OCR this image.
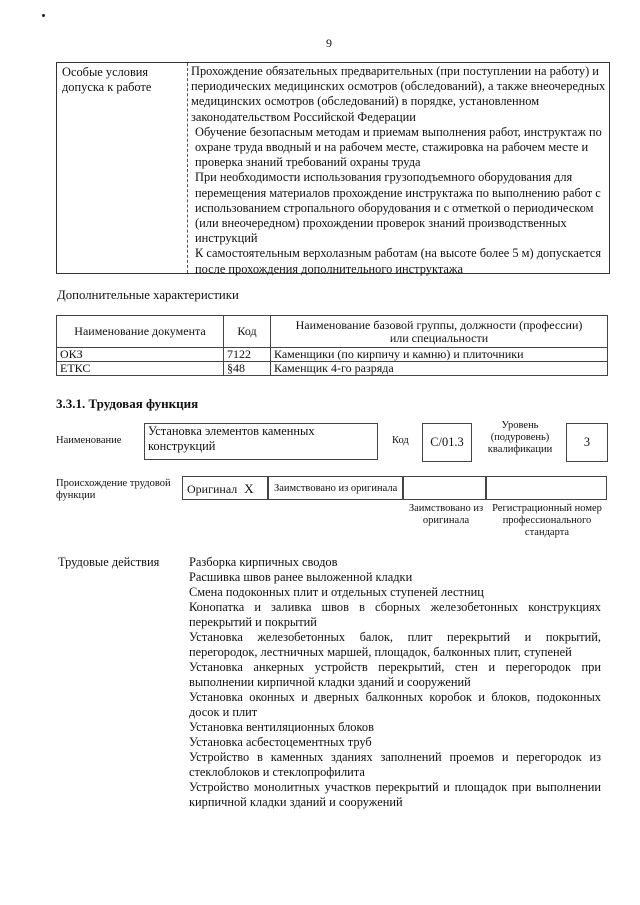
9
Особые условия допуска к работе
Прохождение обязательных предварительных (при поступлении на работу) и периодических медицинских осмотров (обследований), а также внеочередных медицинских осмотров (обследований) в порядке, установленном законодательством Российской Федерации
Обучение безопасным методам и приемам выполнения работ, инструктаж по охране труда вводный и на рабочем месте, стажировка на рабочем месте и проверка знаний требований охраны труда
При необходимости использования грузоподъемного оборудования для перемещения материалов прохождение инструктажа по выполнению работ с использованием стропального оборудования и с отметкой о периодическом (или внеочередном) прохождении проверок знаний производственных инструкций
К самостоятельным верхолазным работам (на высоте более 5 м) допускается после прохождения дополнительного инструктажа
Дополнительные характеристики
Наименование документа	Код	Наименование базовой группы, должности (профессии) или специальности
ОКЗ	7122	Каменщики (по кирпичу и камню) и плиточники
ЕТКС	§48	Каменщик 4-го разряда
3.3.1. Трудовая функция
Наименование
Установка элементов каменных конструкций	Код	C/01.3
Уровень (подуровень) квалификации
3
Происхождение трудовой функции	Оригинал X	Заимствовано из оригинала
Заимствовано из оригинала
Регистрационный номер профессионального стандарта
Трудовые действия Разборка кирпичных сводов
Расшивка швов ранее выложенной кладки
Смена подоконных плит и отдельных ступеней лестниц
Конопатка и заливка швов в сборных железобетонных конструкциях перекрытий и покрытий
Установка железобетонных балок, плит перекрытий и покрытий, перегородок, лестничных маршей, площадок, балконных плит, ступеней
Установка анкерных устройств перекрытий, стен и перегородок при выполнении кирпичной кладки зданий и сооружений
Установка оконных и дверных балконных коробок и блоков, подоконных досок и плит
Установка вентиляционных блоков
Установка асбестоцементных труб
Устройство в каменных зданиях заполнений проемов и перегородок из стеклоблоков и стеклопрофилита
Устройство монолитных участков перекрытий и площадок при выполнении кирпичной кладки зданий и сооружений
